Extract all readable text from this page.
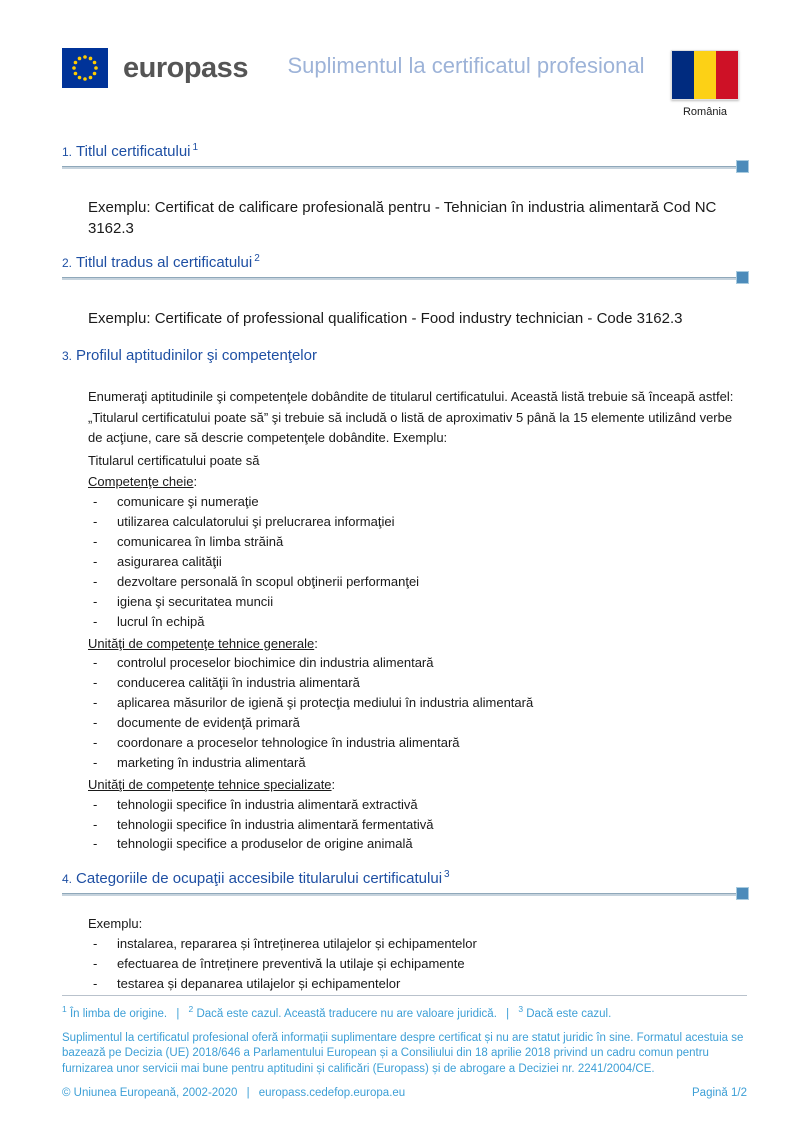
europass	Suplimentul la certificatul profesional
România
1. Titlul certificatului $^1$
Exemplu: Certificat de calificare profesională pentru - Tehnician în industria alimentară Cod NC 3162.3
2. Titlul tradus al certificatului $^2$
Exemplu: Certificate of professional qualification - Food industry technician - Code 3162.3
3. Profilul aptitudinilor şi competenţelor
Enumeraţi aptitudinile şi competenţele dobândite de titularul certificatului. Această listă trebuie să înceapă astfel: „Titularul certificatului poate să” şi trebuie să includă o listă de aproximativ 5 până la 15 elemente utilizând verbe de acţiune, care să descrie competenţele dobândite. Exemplu:
Titularul certificatului poate să
Competenţe cheie:
-	comunicare şi numeraţie
-	utilizarea calculatorului şi prelucrarea informaţiei
-	comunicarea în limba străină
-	asigurarea calităţii
-	dezvoltare personală în scopul obţinerii performanţei
-	igiena şi securitatea muncii
-	lucrul în echipă
Unităţi de competenţe tehnice generale:
-	controlul proceselor biochimice din industria alimentară
-	conducerea calităţii în industria alimentară
-	aplicarea măsurilor de igienă şi protecţia mediului în industria alimentară
-	documente de evidenţă primară
-	coordonare a proceselor tehnologice în industria alimentară
-	marketing în industria alimentară
Unităţi de competenţe tehnice specializate:
-	tehnologii specifice în industria alimentară extractivă
-	tehnologii specifice în industria alimentară fermentativă
-	tehnologii specifice a produselor de origine animală
4. Categoriile de ocupaţii accesibile titularului certificatului $^3$
Exemplu:
-	instalarea, repararea și întreținerea utilajelor și echipamentelor
-	efectuarea de întreținere preventivă la utilaje și echipamente
-	testarea și depanarea utilajelor și echipamentelor
$^1$ În limba de origine. | $^2$ Dacă este cazul. Această traducere nu are valoare juridică. | $^3$ Dacă este cazul.
Suplimentul la certificatul profesional oferă informații suplimentare despre certificat și nu are statut juridic în sine. Formatul acestuia se bazează pe Decizia (UE) 2018/646 a Parlamentului European și a Consiliului din 18 aprilie 2018 privind un cadru comun pentru furnizarea unor servicii mai bune pentru aptitudini și calificări (Europass) și de abrogare a Deciziei nr. 2241/2004/CE.
© Uniunea Europeană, 2002-2020 | europass.cedefop.europa.eu	Pagină 1/2
